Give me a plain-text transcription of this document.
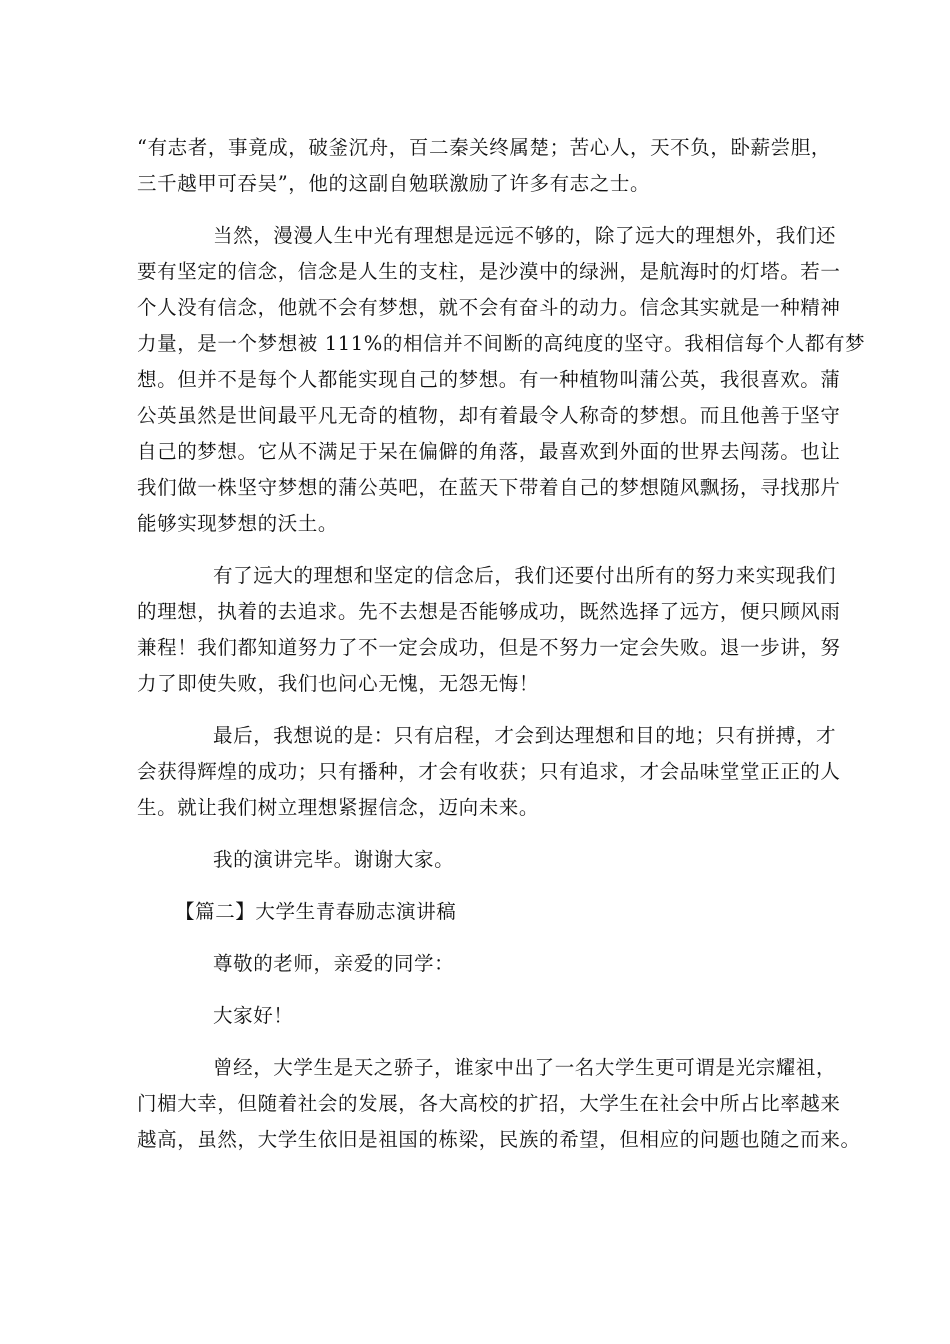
“有志者，事竟成，破釜沉舟，百二秦关终属楚；苦心人，天不负，卧薪尝胆，
三千越甲可吞吴”，他的这副自勉联激励了许多有志之士。
当然，漫漫人生中光有理想是远远不够的，除了远大的理想外，我们还
要有坚定的信念，信念是人生的支柱，是沙漠中的绿洲，是航海时的灯塔。若一
个人没有信念，他就不会有梦想，就不会有奋斗的动力。信念其实就是一种精神
力量，是一个梦想被 111%的相信并不间断的高纯度的坚守。我相信每个人都有梦
想。但并不是每个人都能实现自己的梦想。有一种植物叫蒲公英，我很喜欢。蒲
公英虽然是世间最平凡无奇的植物，却有着最令人称奇的梦想。而且他善于坚守
自己的梦想。它从不满足于呆在偏僻的角落，最喜欢到外面的世界去闯荡。也让
我们做一株坚守梦想的蒲公英吧，在蓝天下带着自己的梦想随风飘扬，寻找那片
能够实现梦想的沃土。
有了远大的理想和坚定的信念后，我们还要付出所有的努力来实现我们
的理想，执着的去追求。先不去想是否能够成功，既然选择了远方，便只顾风雨
兼程！我们都知道努力了不一定会成功，但是不努力一定会失败。退一步讲，努
力了即使失败，我们也问心无愧，无怨无悔！
最后，我想说的是：只有启程，才会到达理想和目的地；只有拼搏，才
会获得辉煌的成功；只有播种，才会有收获；只有追求，才会品味堂堂正正的人
生。就让我们树立理想紧握信念，迈向未来。
我的演讲完毕。谢谢大家。
【篇二】大学生青春励志演讲稿
尊敬的老师，亲爱的同学：
大家好！
曾经，大学生是天之骄子，谁家中出了一名大学生更可谓是光宗耀祖，
门楣大幸，但随着社会的发展，各大高校的扩招，大学生在社会中所占比率越来
越高，虽然，大学生依旧是祖国的栋梁，民族的希望，但相应的问题也随之而来。
